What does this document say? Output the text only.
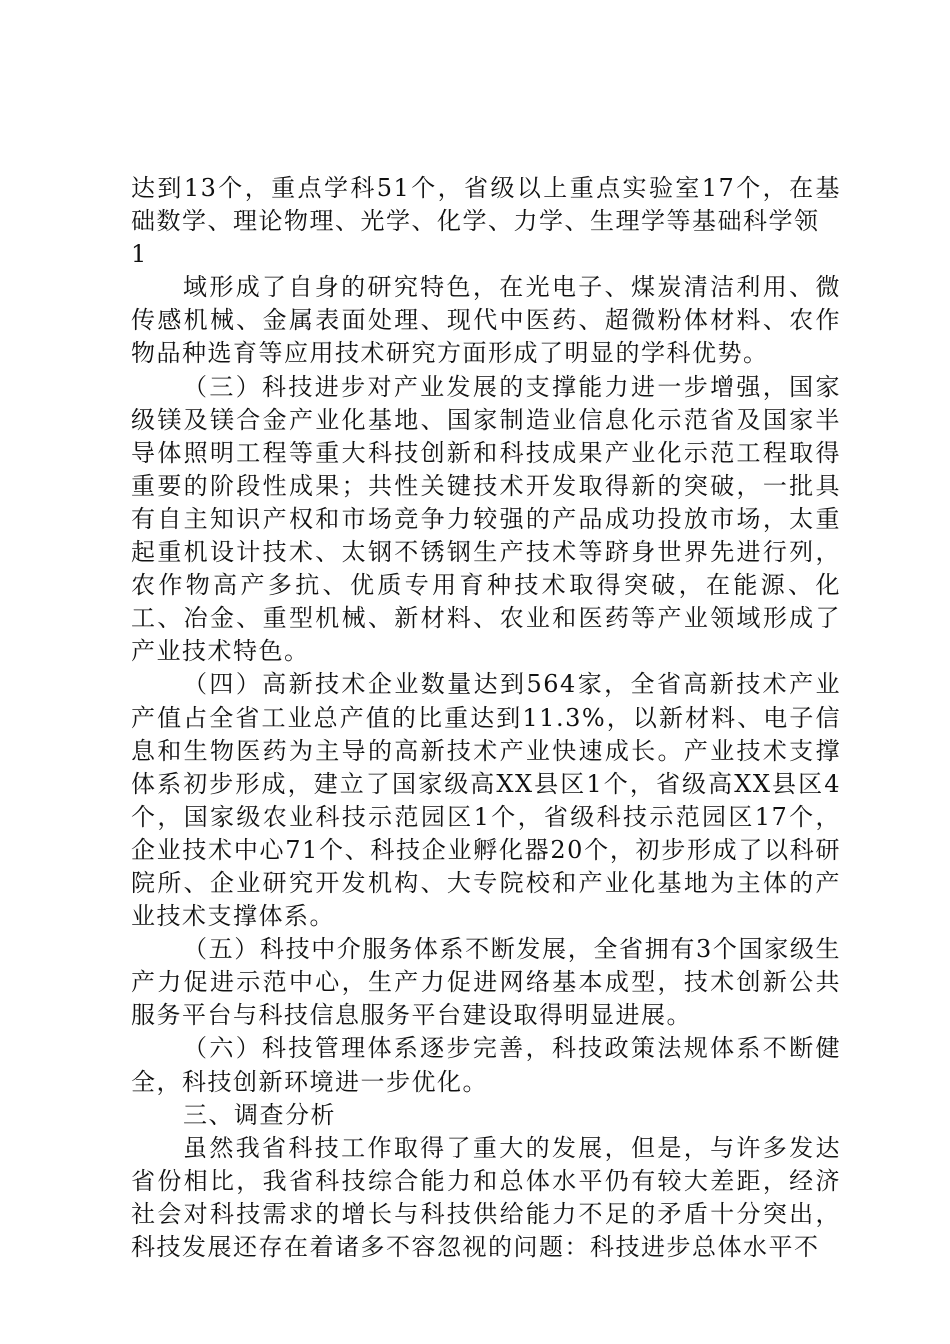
达到13个，重点学科51个，省级以上重点实验室17个，在基础数学、理论物理、光学、化学、力学、生理学等基础科学领

1

域形成了自身的研究特色，在光电子、煤炭清洁利用、微传感机械、金属表面处理、现代中医药、超微粉体材料、农作物品种选育等应用技术研究方面形成了明显的学科优势。

（三）科技进步对产业发展的支撑能力进一步增强，国家级镁及镁合金产业化基地、国家制造业信息化示范省及国家半导体照明工程等重大科技创新和科技成果产业化示范工程取得重要的阶段性成果；共性关键技术开发取得新的突破，一批具有自主知识产权和市场竞争力较强的产品成功投放市场，太重起重机设计技术、太钢不锈钢生产技术等跻身世界先进行列，农作物高产多抗、优质专用育种技术取得突破，在能源、化工、冶金、重型机械、新材料、农业和医药等产业领域形成了产业技术特色。

（四）高新技术企业数量达到564家，全省高新技术产业产值占全省工业总产值的比重达到11.3%，以新材料、电子信息和生物医药为主导的高新技术产业快速成长。产业技术支撑体系初步形成，建立了国家级高XX县区1个，省级高XX县区4个，国家级农业科技示范园区1个，省级科技示范园区17个，企业技术中心71个、科技企业孵化器20个，初步形成了以科研院所、企业研究开发机构、大专院校和产业化基地为主体的产业技术支撑体系。

（五）科技中介服务体系不断发展，全省拥有3个国家级生产力促进示范中心，生产力促进网络基本成型，技术创新公共服务平台与科技信息服务平台建设取得明显进展。

（六）科技管理体系逐步完善，科技政策法规体系不断健全，科技创新环境进一步优化。

三、调查分析

虽然我省科技工作取得了重大的发展，但是，与许多发达省份相比，我省科技综合能力和总体水平仍有较大差距，经济社会对科技需求的增长与科技供给能力不足的矛盾十分突出，科技发展还存在着诸多不容忽视的问题：科技进步总体水平不
